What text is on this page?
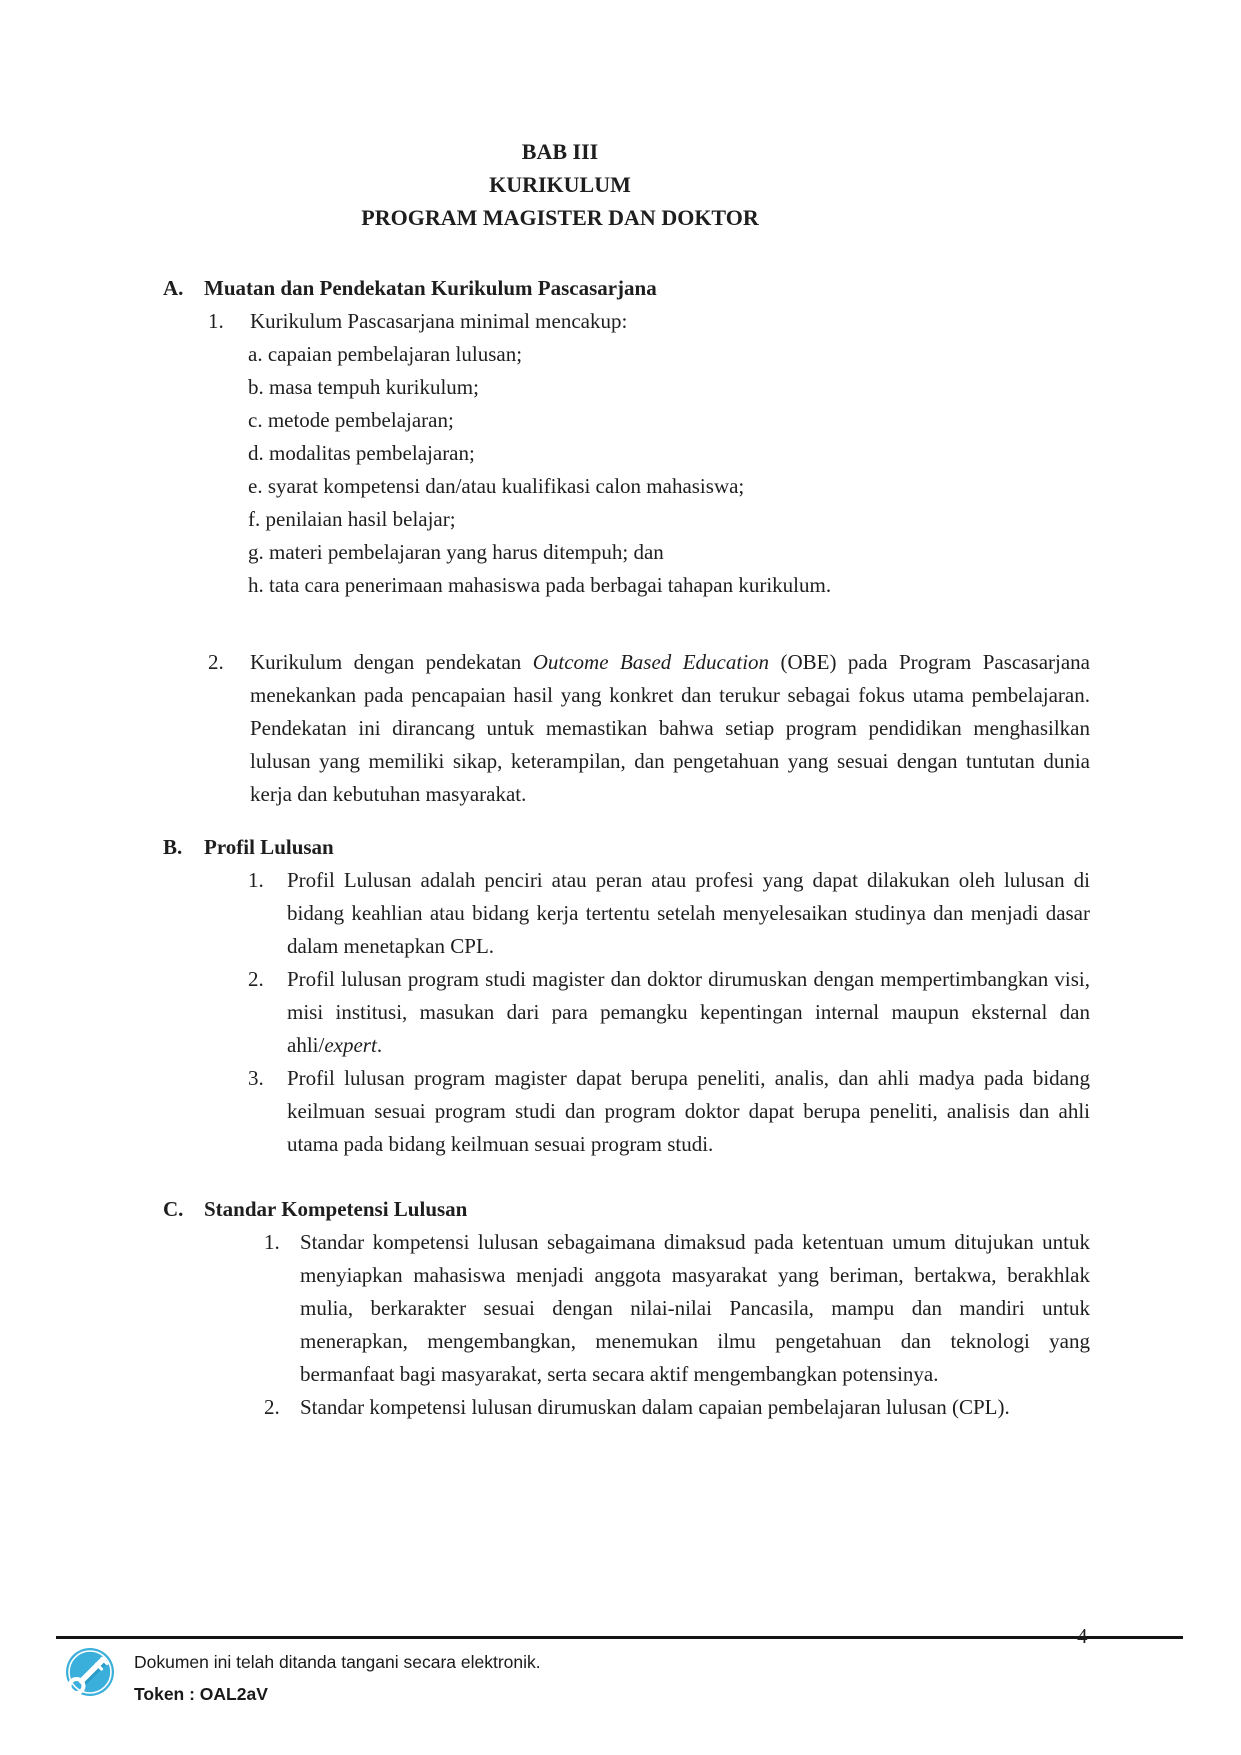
BAB III
KURIKULUM
PROGRAM MAGISTER DAN DOKTOR
A. Muatan dan Pendekatan Kurikulum Pascasarjana
1.	Kurikulum Pascasarjana minimal mencakup:
a. capaian pembelajaran lulusan;
b. masa tempuh kurikulum;
c. metode pembelajaran;
d. modalitas pembelajaran;
e. syarat kompetensi dan/atau kualifikasi calon mahasiswa;
f. penilaian hasil belajar;
g. materi pembelajaran yang harus ditempuh; dan
h. tata cara penerimaan mahasiswa pada berbagai tahapan kurikulum.
2.	Kurikulum dengan pendekatan Outcome Based Education (OBE) pada Program Pascasarjana menekankan pada pencapaian hasil yang konkret dan terukur sebagai fokus utama pembelajaran. Pendekatan ini dirancang untuk memastikan bahwa setiap program pendidikan menghasilkan lulusan yang memiliki sikap, keterampilan, dan pengetahuan yang sesuai dengan tuntutan dunia kerja dan kebutuhan masyarakat.
B.	Profil Lulusan
1.	Profil Lulusan adalah penciri atau peran atau profesi yang dapat dilakukan oleh lulusan di bidang keahlian atau bidang kerja tertentu setelah menyelesaikan studinya dan menjadi dasar dalam menetapkan CPL.
2.	Profil lulusan program studi magister dan doktor dirumuskan dengan mempertimbangkan visi, misi institusi, masukan dari para pemangku kepentingan internal maupun eksternal dan ahli/expert.
3.	Profil lulusan program magister dapat berupa peneliti, analis, dan ahli madya pada bidang keilmuan sesuai program studi dan program doktor dapat berupa peneliti, analisis dan ahli utama pada bidang keilmuan sesuai program studi.
C. Standar Kompetensi Lulusan
1. Standar kompetensi lulusan sebagaimana dimaksud pada ketentuan umum ditujukan untuk menyiapkan mahasiswa menjadi anggota masyarakat yang beriman, bertakwa, berakhlak mulia, berkarakter sesuai dengan nilai-nilai Pancasila, mampu dan mandiri untuk menerapkan, mengembangkan, menemukan ilmu pengetahuan dan teknologi yang bermanfaat bagi masyarakat, serta secara aktif mengembangkan potensinya.
2. Standar kompetensi lulusan dirumuskan dalam capaian pembelajaran lulusan (CPL).
4
Dokumen ini telah ditanda tangani secara elektronik.
Token : OAL2aV
